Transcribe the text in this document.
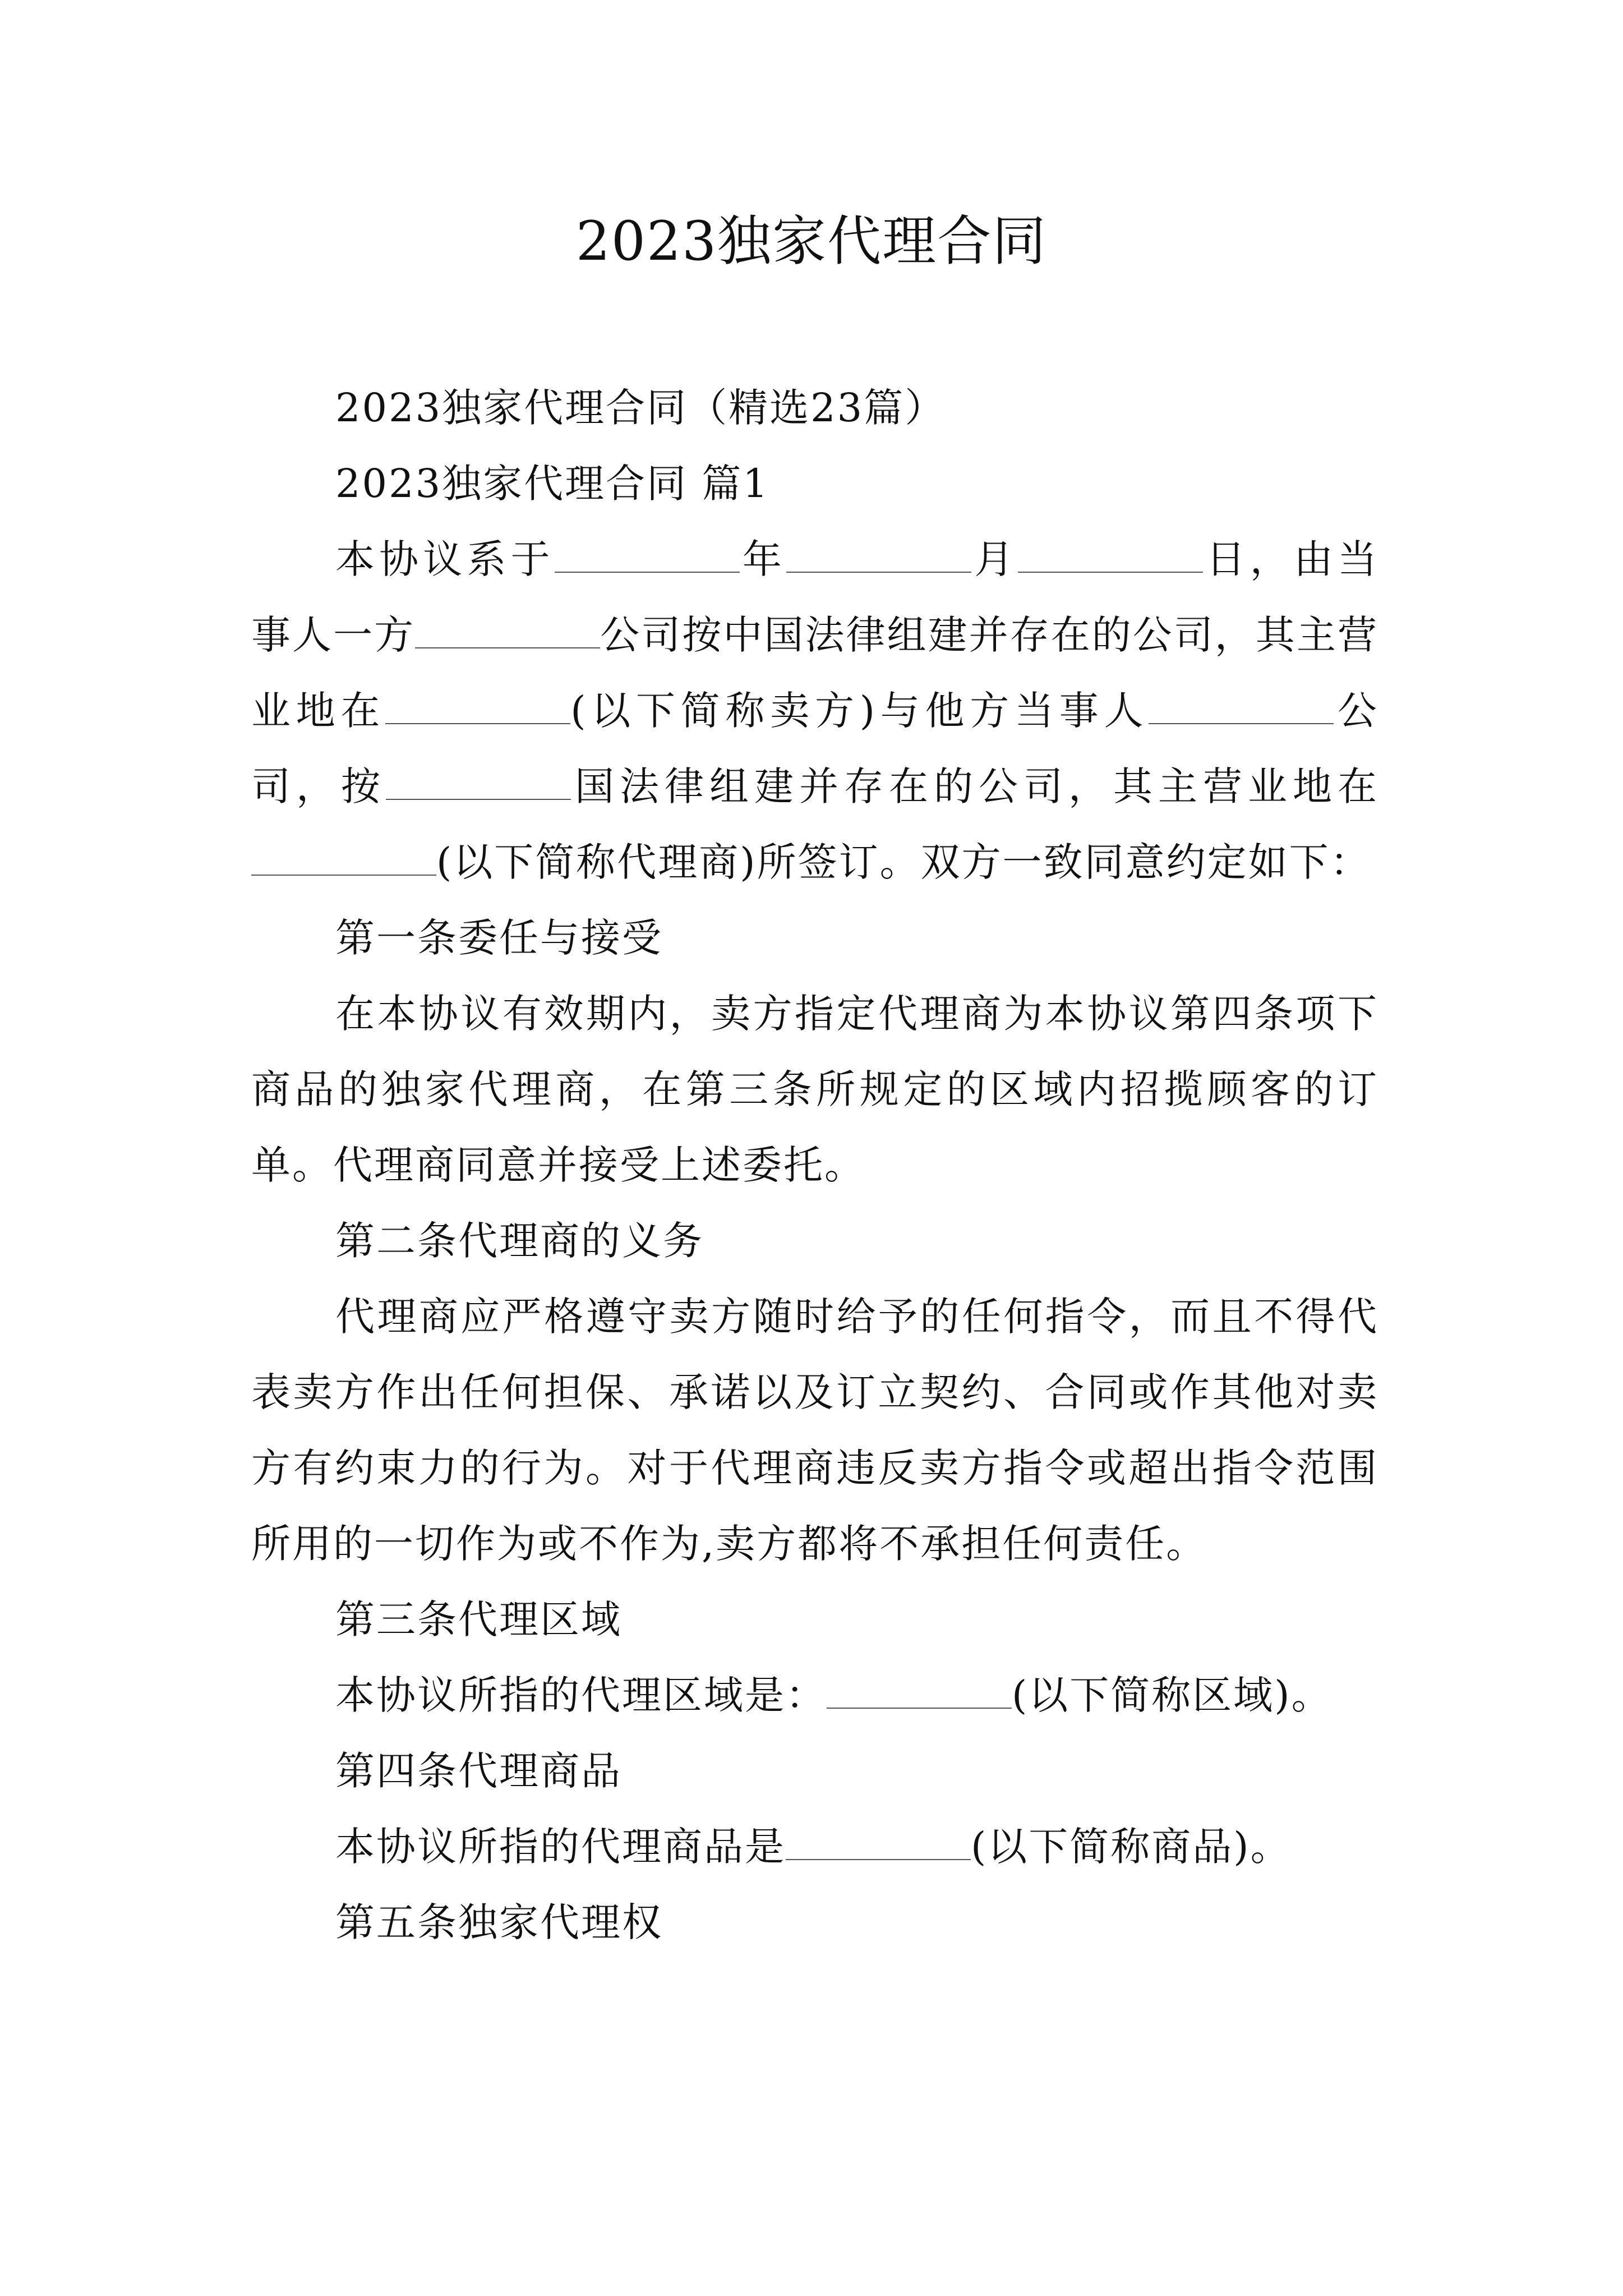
2023独家代理合同

2023独家代理合同（精选23篇）

2023独家代理合同 篇1

本协议系于	年	月	日，由当事人一方	公司按中国法律组建并存在的公司，其主营业地在	(以下简称卖方)与他方当事人	公司，按	国法律组建并存在的公司，其主营业地在(以下简称代理商)所签订。双方一致同意约定如下：

第一条委任与接受

在本协议有效期内，卖方指定代理商为本协议第四条项下商品的独家代理商，在第三条所规定的区域内招揽顾客的订单。代理商同意并接受上述委托。

第二条代理商的义务

代理商应严格遵守卖方随时给予的任何指令，而且不得代表卖方作出任何担保、承诺以及订立契约、合同或作其他对卖方有约束力的行为。对于代理商违反卖方指令或超出指令范围所用的一切作为或不作为,卖方都将不承担任何责任。

第三条代理区域

本协议所指的代理区域是：	(以下简称区域)。

第四条代理商品

本协议所指的代理商品是	(以下简称商品)。

第五条独家代理权
